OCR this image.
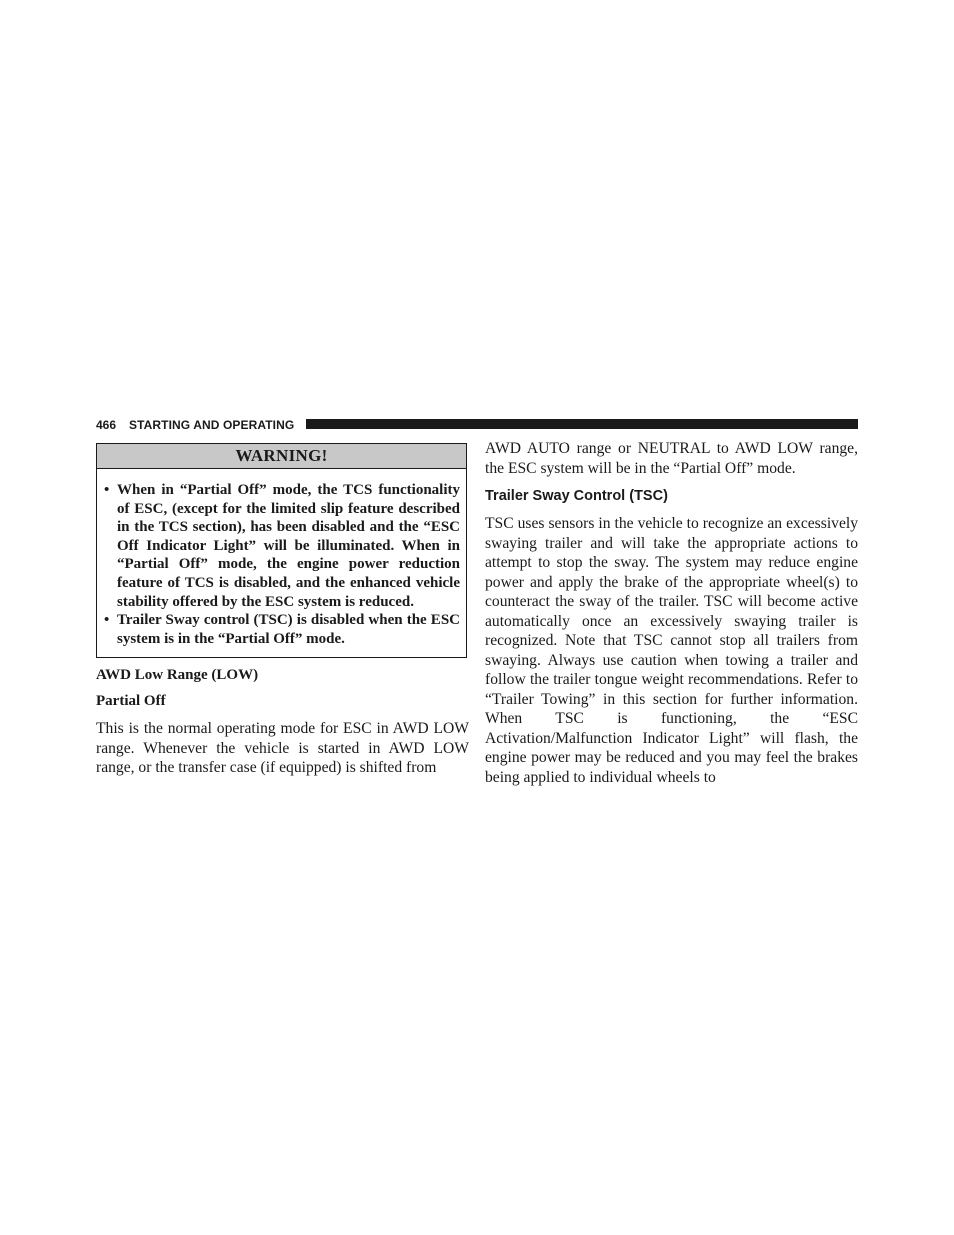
466 STARTING AND OPERATING
WARNING!
• When in “Partial Off” mode, the TCS functionality of ESC, (except for the limited slip feature described in the TCS section), has been disabled and the “ESC Off Indicator Light” will be illuminated. When in “Partial Off” mode, the engine power reduction feature of TCS is disabled, and the enhanced vehicle stability offered by the ESC system is reduced.
• Trailer Sway control (TSC) is disabled when the ESC system is in the “Partial Off” mode.

AWD Low Range (LOW)

Partial Off

This is the normal operating mode for ESC in AWD LOW range. Whenever the vehicle is started in AWD LOW range, or the transfer case (if equipped) is shifted from

AWD AUTO range or NEUTRAL to AWD LOW range, the ESC system will be in the “Partial Off” mode.

Trailer Sway Control (TSC)

TSC uses sensors in the vehicle to recognize an excessively swaying trailer and will take the appropriate actions to attempt to stop the sway. The system may reduce engine power and apply the brake of the appropriate wheel(s) to counteract the sway of the trailer. TSC will become active automatically once an excessively swaying trailer is recognized. Note that TSC cannot stop all trailers from swaying. Always use caution when towing a trailer and follow the trailer tongue weight recommendations. Refer to “Trailer Towing” in this section for further information. When TSC is functioning, the “ESC Activation/Malfunction Indicator Light” will flash, the engine power may be reduced and you may feel the brakes being applied to individual wheels to
